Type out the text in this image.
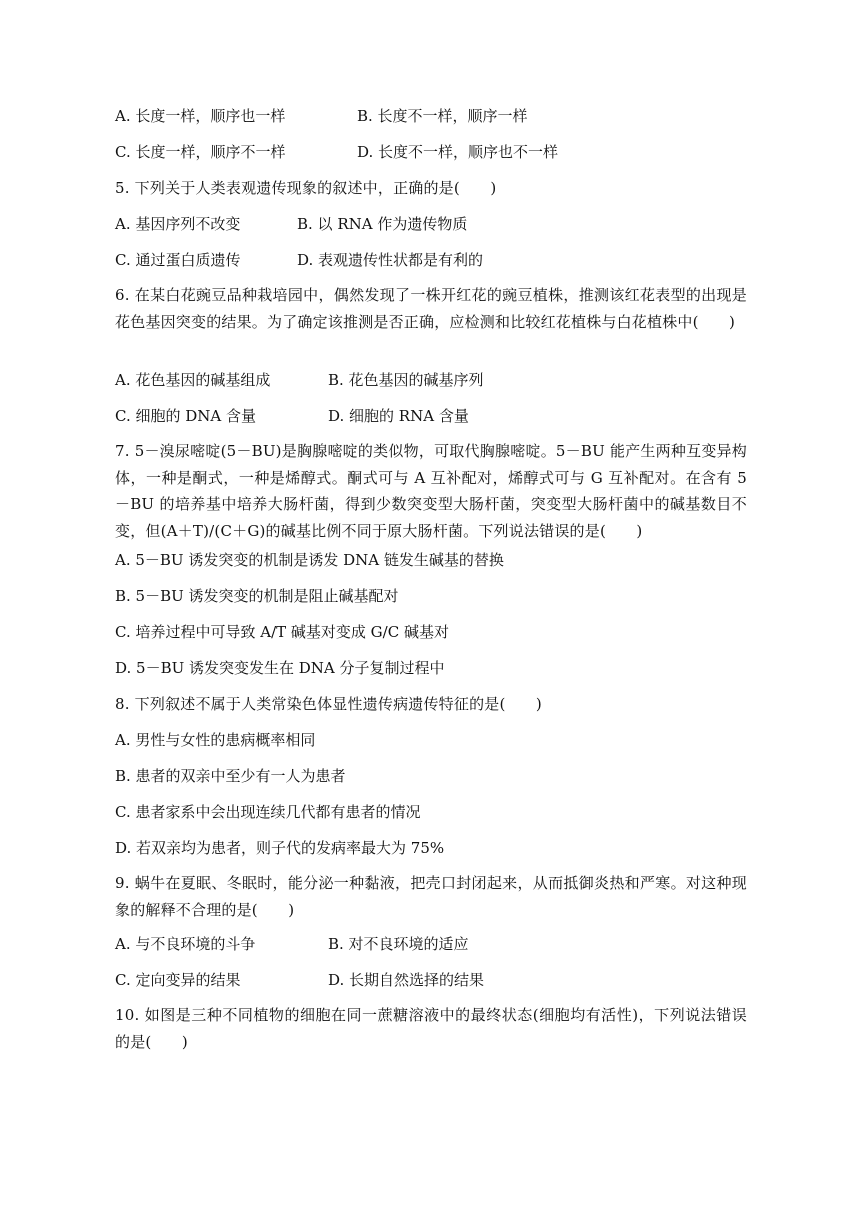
A. 长度一样，顺序也一样	B. 长度不一样，顺序一样
C. 长度一样，顺序不一样	D. 长度不一样，顺序也不一样
5. 下列关于人类表观遗传现象的叙述中，正确的是(　　)
A. 基因序列不改变	B. 以 RNA 作为遗传物质
C. 通过蛋白质遗传	D. 表观遗传性状都是有利的
6. 在某白花豌豆品种栽培园中，偶然发现了一株开红花的豌豆植株，推测该红花表型的出现是花色基因突变的结果。为了确定该推测是否正确，应检测和比较红花植株与白花植株中(　　)
A. 花色基因的碱基组成	B. 花色基因的碱基序列
C. 细胞的 DNA 含量	D. 细胞的 RNA 含量
7. 5－溴尿嘧啶(5－BU)是胸腺嘧啶的类似物，可取代胸腺嘧啶。5－BU 能产生两种互变异构体，一种是酮式，一种是烯醇式。酮式可与 A 互补配对，烯醇式可与 G 互补配对。在含有 5－BU 的培养基中培养大肠杆菌，得到少数突变型大肠杆菌，突变型大肠杆菌中的碱基数目不变，但(A＋T)/(C＋G)的碱基比例不同于原大肠杆菌。下列说法错误的是(　　)
A. 5－BU 诱发突变的机制是诱发 DNA 链发生碱基的替换
B. 5－BU 诱发突变的机制是阻止碱基配对
C. 培养过程中可导致 A/T 碱基对变成 G/C 碱基对
D. 5－BU 诱发突变发生在 DNA 分子复制过程中
8. 下列叙述不属于人类常染色体显性遗传病遗传特征的是(　　)
A. 男性与女性的患病概率相同
B. 患者的双亲中至少有一人为患者
C. 患者家系中会出现连续几代都有患者的情况
D. 若双亲均为患者，则子代的发病率最大为 75%
9. 蜗牛在夏眠、冬眠时，能分泌一种黏液，把壳口封闭起来，从而抵御炎热和严寒。对这种现象的解释不合理的是(　　)
A. 与不良环境的斗争	B. 对不良环境的适应
C. 定向变异的结果	D. 长期自然选择的结果
10. 如图是三种不同植物的细胞在同一蔗糖溶液中的最终状态(细胞均有活性)，下列说法错误的是(　　)
